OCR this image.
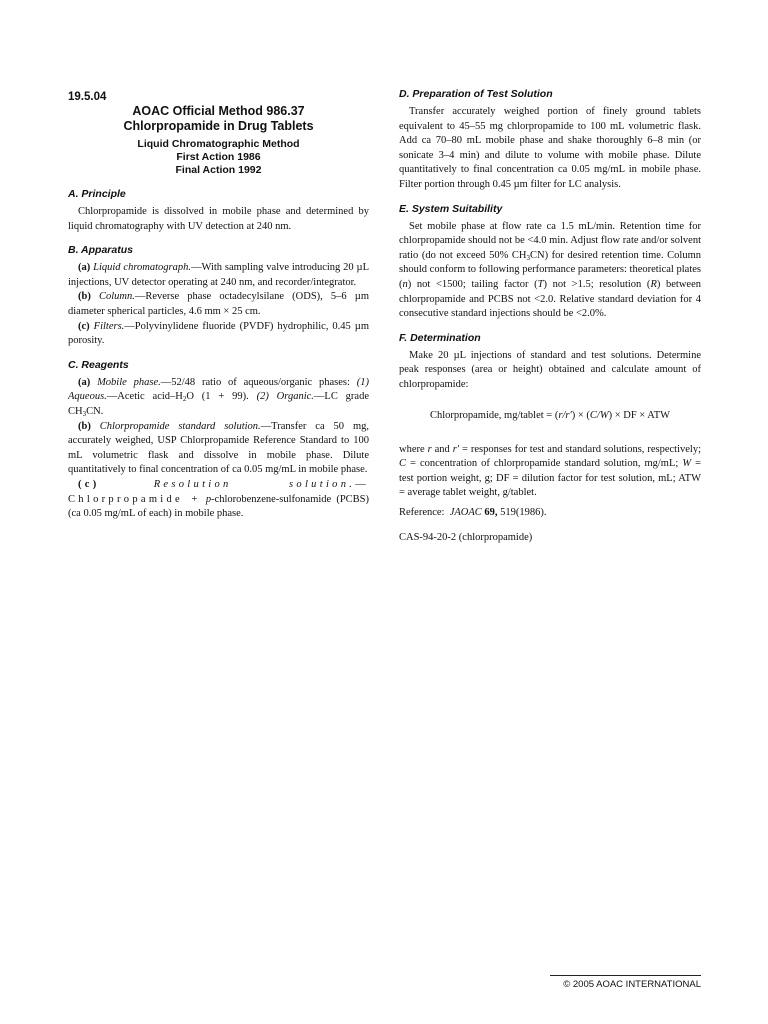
19.5.04
AOAC Official Method 986.37
Chlorpropamide in Drug Tablets
Liquid Chromatographic Method
First Action 1986
Final Action 1992
A. Principle

Chlorpropamide is dissolved in mobile phase and determined by liquid chromatography with UV detection at 240 nm.

B. Apparatus

(a) Liquid chromatograph.—With sampling valve introducing 20 µL injections, UV detector operating at 240 nm, and recorder/integrator.

(b) Column.—Reverse phase octadecylsilane (ODS), 5–6 µm diameter spherical particles, 4.6 mm × 25 cm.

(c) Filters.—Polyvinylidene fluoride (PVDF) hydrophilic, 0.45 µm porosity.

C. Reagents

(a) Mobile phase.—52/48 ratio of aqueous/organic phases: (1) Aqueous.—Acetic acid–$H_2O$ (1 + 99). (2) Organic.—LC grade $CH_3CN$.

(b) Chlorpropamide standard solution.—Transfer ca 50 mg, accurately weighed, USP Chlorpropamide Reference Standard to 100 mL volumetric flask and dissolve in mobile phase. Dilute quantitatively to final concentration of ca 0.05 mg/mL in mobile phase.

(c)	Resolution solution.—Chlorpropamide + p-chlorobenzene-sulfonamide (PCBS) (ca 0.05 mg/mL of each) in mobile phase.

D. Preparation of Test Solution

Transfer accurately weighed portion of finely ground tablets equivalent to 45–55 mg chlorpropamide to 100 mL volumetric flask. Add ca 70–80 mL mobile phase and shake thoroughly 6–8 min (or sonicate 3–4 min) and dilute to volume with mobile phase. Dilute quantitatively to final concentration ca 0.05 mg/mL in mobile phase. Filter portion through 0.45 µm filter for LC analysis.

E. System Suitability

Set mobile phase at flow rate ca 1.5 mL/min. Retention time for chlorpropamide should not be <4.0 min. Adjust flow rate and/or solvent ratio (do not exceed 50% $CH_3CN$) for desired retention time. Column should conform to following performance parameters: theoretical plates (n) not <1500; tailing factor (T) not >1.5; resolution (R) between chlorpropamide and PCBS not <2.0. Relative standard deviation for 4 consecutive standard injections should be <2.0%.

F. Determination

Make 20 µL injections of standard and test solutions. Determine peak responses (area or height) obtained and calculate amount of chlorpropamide:

Chlorpropamide, mg/tablet = (r/r′) × (C/W) × DF × ATW

where r and r′ = responses for test and standard solutions, respectively; C = concentration of chlorpropamide standard solution, mg/mL; W = test portion weight, g; DF = dilution factor for test solution, mL; ATW = average tablet weight, g/tablet.

Reference:  JAOAC 69, 519(1986).

CAS-94-20-2 (chlorpropamide)

© 2005 AOAC INTERNATIONAL
